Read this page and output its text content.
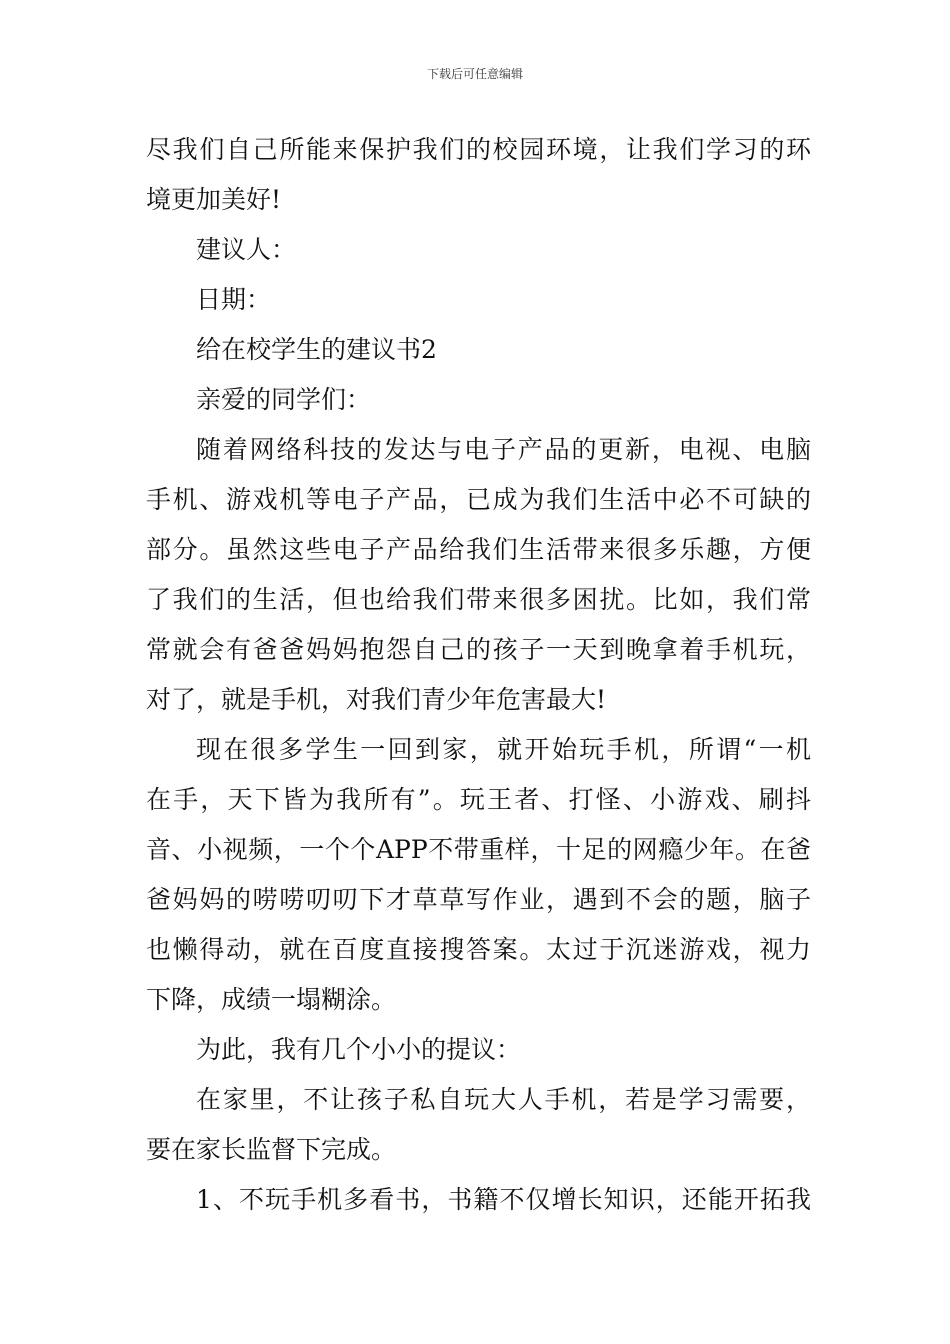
下载后可任意编辑
尽我们自己所能来保护我们的校园环境，让我们学习的环
境更加美好!
建议人：
日期：
给在校学生的建议书2
亲爱的同学们：
随着网络科技的发达与电子产品的更新，电视、电脑
手机、游戏机等电子产品，已成为我们生活中必不可缺的
部分。虽然这些电子产品给我们生活带来很多乐趣，方便
了我们的生活，但也给我们带来很多困扰。比如，我们常
常就会有爸爸妈妈抱怨自己的孩子一天到晚拿着手机玩，
对了，就是手机，对我们青少年危害最大!
现在很多学生一回到家，就开始玩手机，所谓“一机
在手，天下皆为我所有”。玩王者、打怪、小游戏、刷抖
音、小视频，一个个APP不带重样，十足的网瘾少年。在爸
爸妈妈的唠唠叨叨下才草草写作业，遇到不会的题，脑子
也懒得动，就在百度直接搜答案。太过于沉迷游戏，视力
下降，成绩一塌糊涂。
为此，我有几个小小的提议：
在家里，不让孩子私自玩大人手机，若是学习需要，
要在家长监督下完成。
1、不玩手机多看书，书籍不仅增长知识，还能开拓我
